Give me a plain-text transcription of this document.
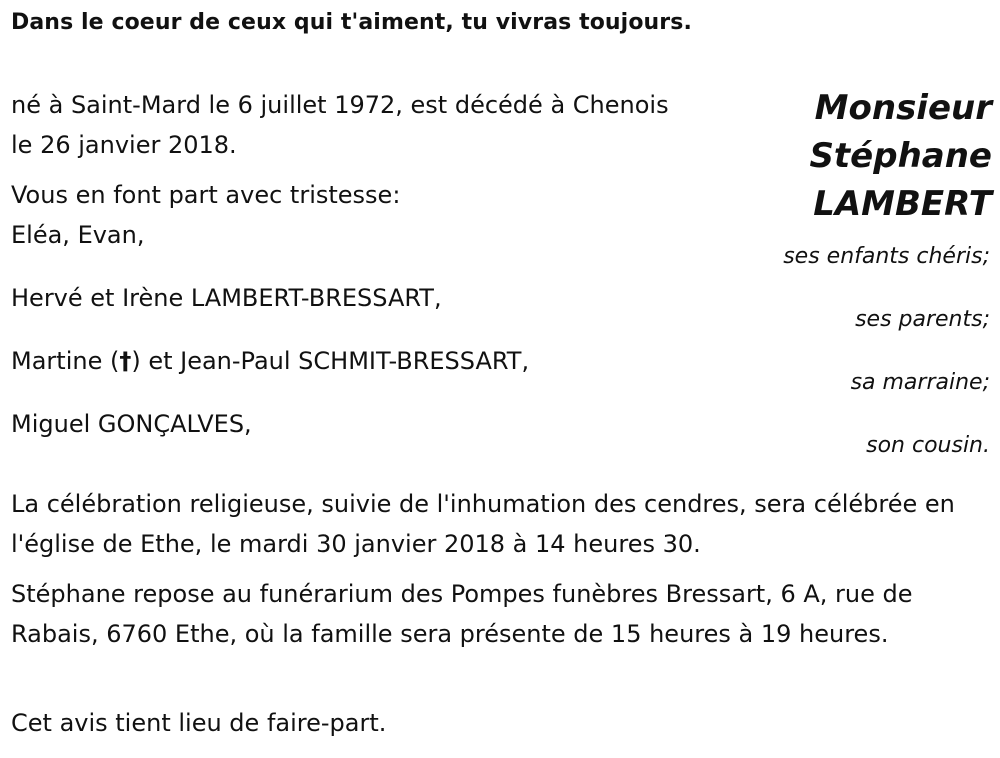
Dans le coeur de ceux qui t'aiment, tu vivras toujours.
Monsieur
Stéphane
LAMBERT
né à Saint-Mard le 6 juillet 1972, est décédé à Chenois
le 26 janvier 2018.
Vous en font part avec tristesse:
Eléa, Evan,
ses enfants chéris;
Hervé et Irène LAMBERT-BRESSART,
ses parents;
Martine (†) et Jean-Paul SCHMIT-BRESSART,
sa marraine;
Miguel GONÇALVES,
son cousin.
La célébration religieuse, suivie de l'inhumation des cendres, sera célébrée en l'église de Ethe, le mardi 30 janvier 2018 à 14 heures 30.
Stéphane repose au funérarium des Pompes funèbres Bressart, 6 A, rue de Rabais, 6760 Ethe, où la famille sera présente de 15 heures à 19 heures.
Cet avis tient lieu de faire-part.
